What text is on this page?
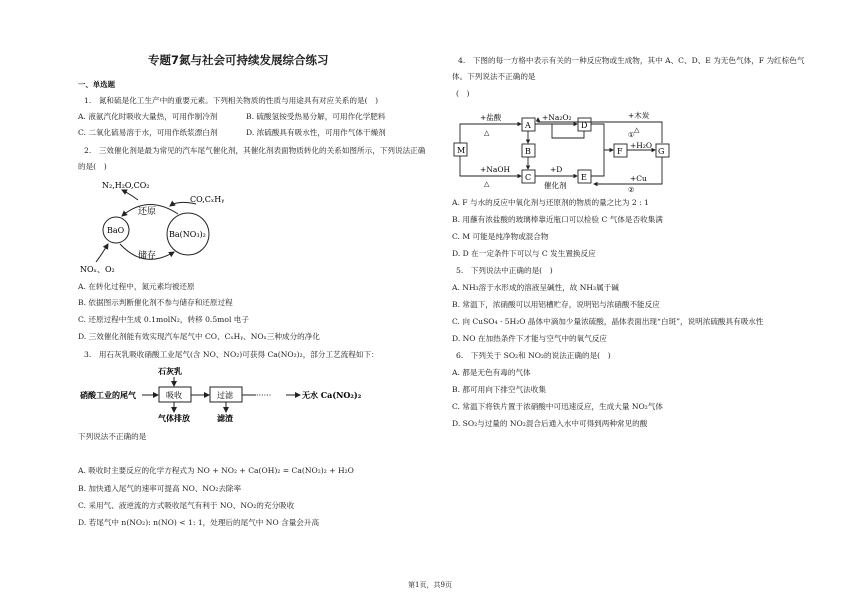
专题7氮与社会可持续发展综合练习
一、单选题
1.　氮和硫是化工生产中的重要元素。下列相关物质的性质与用途具有对应关系的是(　)
A. 液氨汽化时吸收大量热，可用作制冷剂	B. 硫酸氢铵受热易分解，可用作化学肥料
C. 二氧化硫易溶于水，可用作纸浆漂白剂	D. 浓硫酸具有吸水性，可用作气体干燥剂
2.　三效催化剂是最为常见的汽车尾气催化剂，其催化剂表面物质转化的关系如图所示，下列说法正确
的是(　)
N₂,H₂O,CO₂
CO,CₓHᵧ
还原
储存
BaO	Ba(NO₃)₂
NOₓ、O₂
A. 在转化过程中，氮元素均被还原
B. 依据图示判断催化剂不参与储存和还原过程
C. 还原过程中生成 0.1molN₂，转移 0.5mol 电子
D. 三效催化剂能有效实现汽车尾气中 CO、CₓHᵧ、NOₓ三种成分的净化
3.　用石灰乳吸收硝酸工业尾气(含 NO、NO₂)可获得 Ca(NO₂)₂，部分工艺流程如下：
石灰乳
硝酸工业的尾气	吸收	过滤	······	无水 Ca(NO₂)₂
气体排放	滤渣
下列说法不正确的是
A. 吸收时主要反应的化学方程式为 NO + NO₂ + Ca(OH)₂ = Ca(NO₂)₂ + H₂O
B. 加快通入尾气的速率可提高 NO、NO₂去除率
C. 采用气、液逆流的方式吸收尾气有利于 NO、NO₂的充分吸收
D. 若尾气中 n(NO₂): n(NO) < 1: 1，处理后的尾气中 NO 含量会升高
4.　下图的每一方格中表示有关的一种反应物或生成物，其中 A、C、D、E 为无色气体，F 为红棕色气
体。下列说法不正确的是
(　)
M
A
B
C
D
E
F	G
+盐酸
△
+NaOH
△
+Na₂O₂
+D
催化剂
+木炭
△
+H₂O
+Cu
①
②
A. F 与水的反应中氧化剂与还原剂的物质的量之比为 2 : 1
B. 用蘸有浓盐酸的玻璃棒靠近瓶口可以检验 C 气体是否收集满
C. M 可能是纯净物或混合物
D. D 在一定条件下可以与 C 发生置换反应
5.　下列说法中正确的是(　)
A. NH₃溶于水形成的溶液呈碱性，故 NH₃属于碱
B. 常温下，浓硝酸可以用铝槽贮存，说明铝与浓硝酸不能反应
C. 向 CuSO₄ · 5H₂O 晶体中滴加少量浓硫酸，晶体表面出现“白斑”，说明浓硫酸具有吸水性
D. NO 在加热条件下才能与空气中的氧气反应
6.　下列关于 SO₂和 NO₂的说法正确的是(　)
A. 都是无色有毒的气体
B. 都可用向下排空气法收集
C. 常温下将铁片置于浓硝酸中可迅速反应，生成大量 NO₂气体
D. SO₂与过量的 NO₂混合后通入水中可得到两种常见的酸
第1页，共9页
